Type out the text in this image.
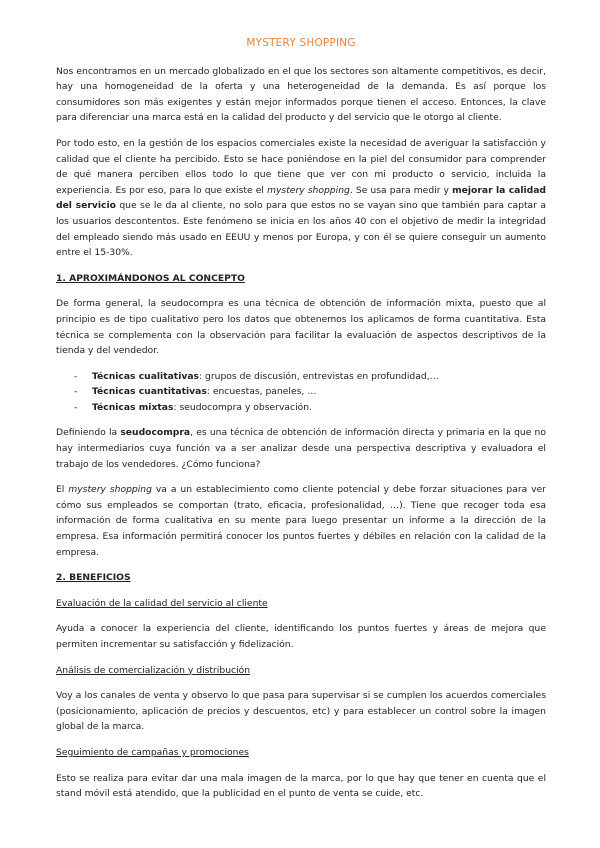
MYSTERY SHOPPING

Nos encontramos en un mercado globalizado en el que los sectores son altamente competitivos, es decir, hay una homogeneidad de la oferta y una heterogeneidad de la demanda. Es así porque los consumidores son más exigentes y están mejor informados porque tienen el acceso. Entonces, la clave para diferenciar una marca está en la calidad del producto y del servicio que le otorgo al cliente.

Por todo esto, en la gestión de los espacios comerciales existe la necesidad de averiguar la satisfacción y calidad que el cliente ha percibido. Esto se hace poniéndose en la piel del consumidor para comprender de qué manera perciben ellos todo lo que tiene que ver con mi producto o servicio, incluida la experiencia. Es por eso, para lo que existe el mystery shopping. Se usa para medir y mejorar la calidad del servicio que se le da al cliente, no solo para que estos no se vayan sino que también para captar a los usuarios descontentos. Este fenómeno se inicia en los años 40 con el objetivo de medir la integridad del empleado siendo más usado en EEUU y menos por Europa, y con él se quiere conseguir un aumento entre el 15-30%.

1. APROXIMÁNDONOS AL CONCEPTO

De forma general, la seudocompra es una técnica de obtención de información mixta, puesto que al principio es de tipo cualitativo pero los datos que obtenemos los aplicamos de forma cuantitativa. Esta técnica se complementa con la observación para facilitar la evaluación de aspectos descriptivos de la tienda y del vendedor.

- Técnicas cualitativas: grupos de discusión, entrevistas en profundidad,…
- Técnicas cuantitativas: encuestas, paneles, …
- Técnicas mixtas: seudocompra y observación.

Definiendo la seudocompra, es una técnica de obtención de información directa y primaria en la que no hay intermediarios cuya función va a ser analizar desde una perspectiva descriptiva y evaluadora el trabajo de los vendedores. ¿Cómo funciona?

El mystery shopping va a un establecimiento como cliente potencial y debe forzar situaciones para ver cómo sus empleados se comportan (trato, eficacia, profesionalidad, …). Tiene que recoger toda esa información de forma cualitativa en su mente para luego presentar un informe a la dirección de la empresa. Esa información permitirá conocer los puntos fuertes y débiles en relación con la calidad de la empresa.

2. BENEFICIOS
Evaluación de la calidad del servicio al cliente

Ayuda a conocer la experiencia del cliente, identificando los puntos fuertes y áreas de mejora que permiten incrementar su satisfacción y fidelización.

Análisis de comercialización y distribución

Voy a los canales de venta y observo lo que pasa para supervisar si se cumplen los acuerdos comerciales (posicionamiento, aplicación de precios y descuentos, etc) y para establecer un control sobre la imagen global de la marca.

Seguimiento de campañas y promociones

Esto se realiza para evitar dar una mala imagen de la marca, por lo que hay que tener en cuenta que el stand móvil está atendido, que la publicidad en el punto de venta se cuide, etc.
